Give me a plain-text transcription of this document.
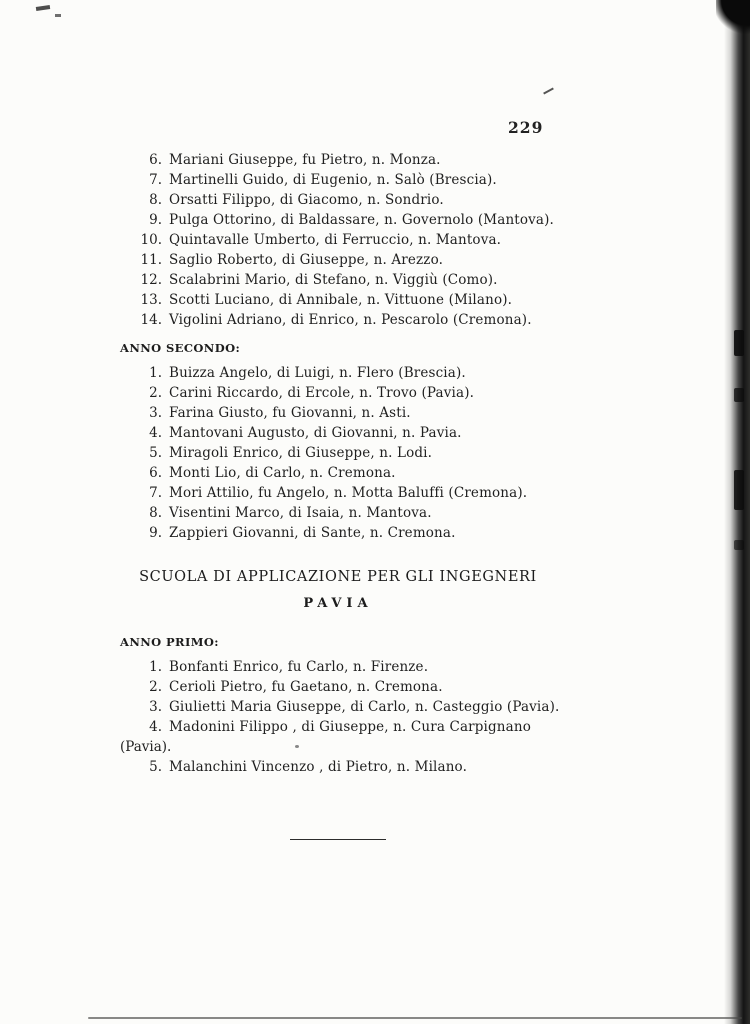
229
6. Mariani Giuseppe, fu Pietro, n. Monza.
7. Martinelli Guido, di Eugenio, n. Salò (Brescia).
8. Orsatti Filippo, di Giacomo, n. Sondrio.
9. Pulga Ottorino, di Baldassare, n. Governolo (Mantova).
10. Quintavalle Umberto, di Ferruccio, n. Mantova.
11. Saglio Roberto, di Giuseppe, n. Arezzo.
12. Scalabrini Mario, di Stefano, n. Viggiù (Como).
13. Scotti Luciano, di Annibale, n. Vittuone (Milano).
14. Vigolini Adriano, di Enrico, n. Pescarolo (Cremona).
ANNO SECONDO:
1. Buizza Angelo, di Luigi, n. Flero (Brescia).
2. Carini Riccardo, di Ercole, n. Trovo (Pavia).
3. Farina Giusto, fu Giovanni, n. Asti.
4. Mantovani Augusto, di Giovanni, n. Pavia.
5. Miragoli Enrico, di Giuseppe, n. Lodi.
6. Monti Lio, di Carlo, n. Cremona.
7. Mori Attilio, fu Angelo, n. Motta Baluffi (Cremona).
8. Visentini Marco, di Isaia, n. Mantova.
9. Zappieri Giovanni, di Sante, n. Cremona.
SCUOLA DI APPLICAZIONE PER GLI INGEGNERI
PAVIA
ANNO PRIMO:
1. Bonfanti Enrico, fu Carlo, n. Firenze.
2. Cerioli Pietro, fu Gaetano, n. Cremona.
3. Giulietti Maria Giuseppe, di Carlo, n. Casteggio (Pavia).
4. Madonini Filippo , di Giuseppe, n. Cura Carpignano
(Pavia).
5. Malanchini Vincenzo , di Pietro, n. Milano.
